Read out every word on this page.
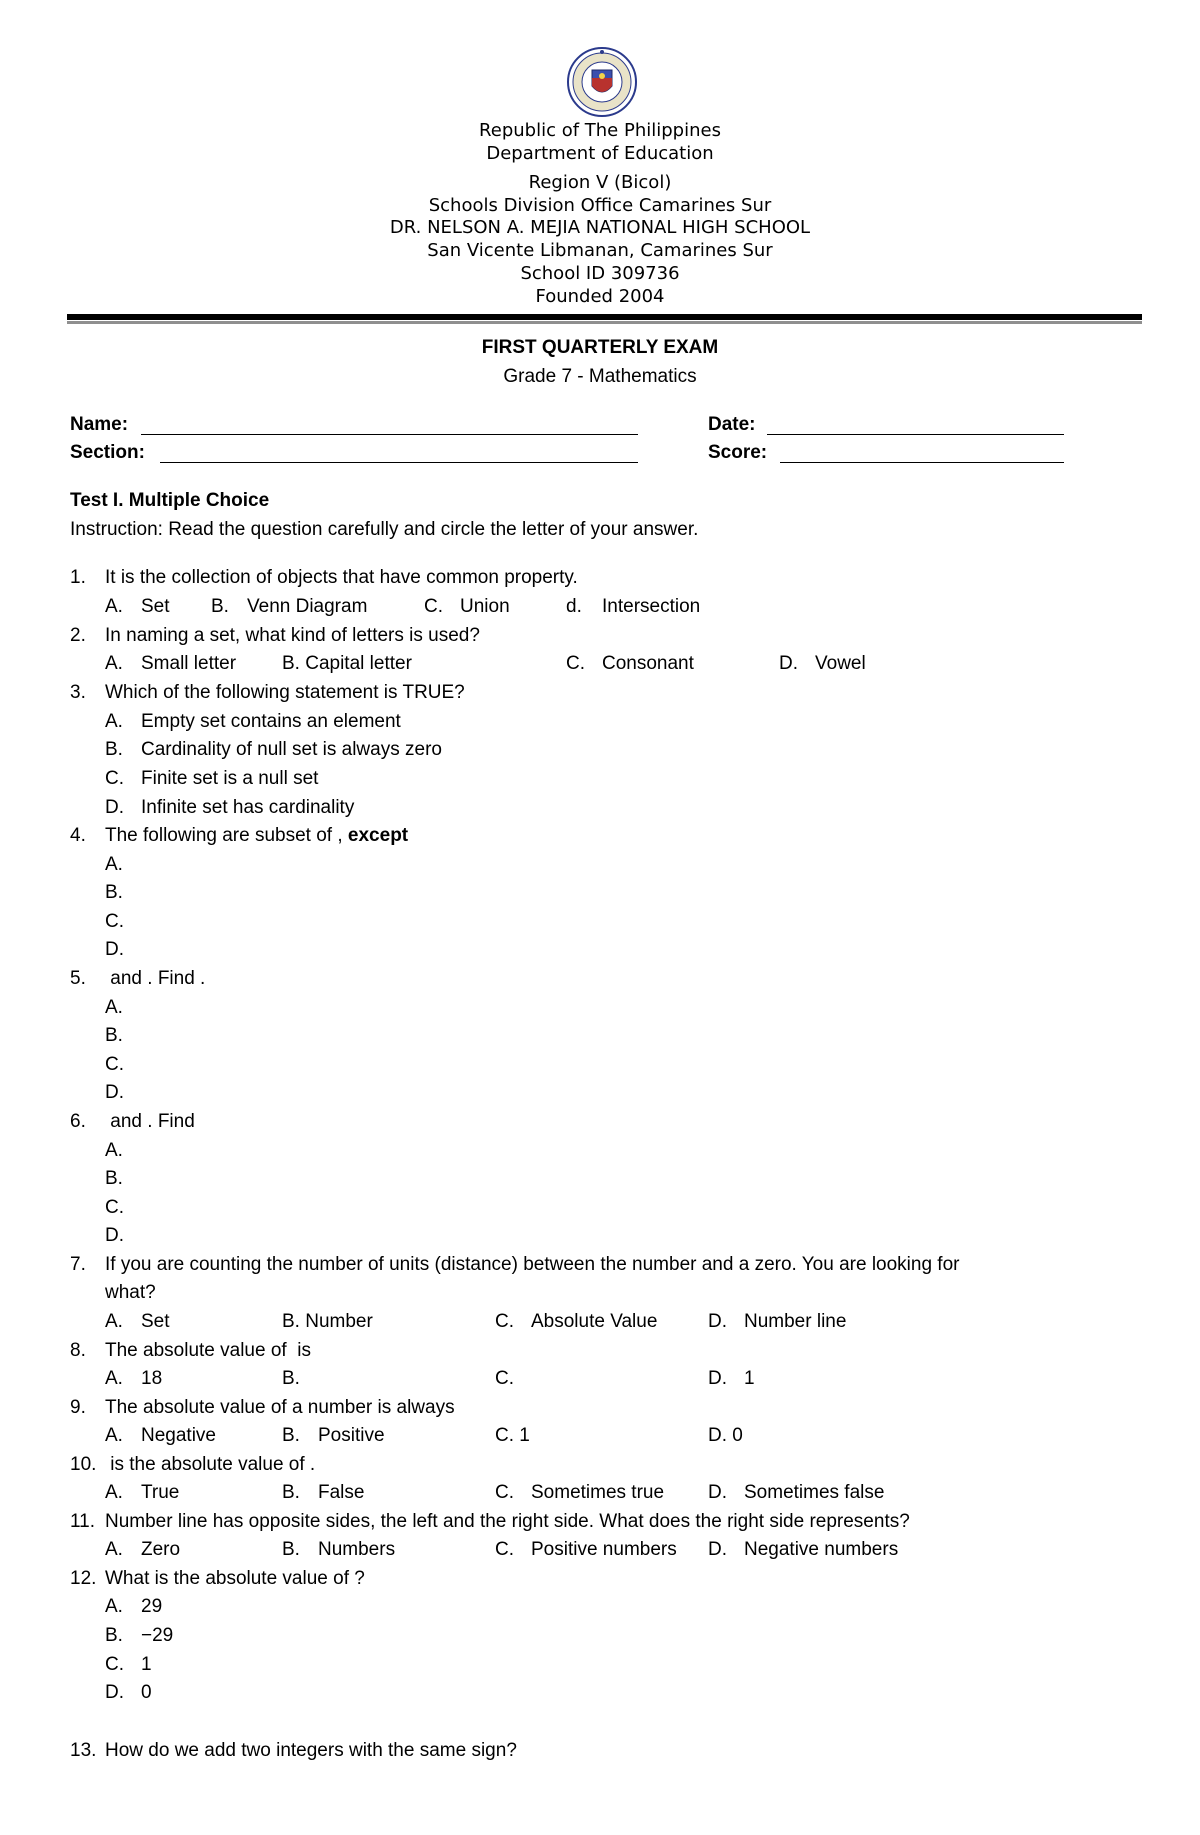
Republic of The Philippines
Department of Education
Region V (Bicol)
Schools Division Office Camarines Sur
DR. NELSON A. MEJIA NATIONAL HIGH SCHOOL
San Vicente Libmanan, Camarines Sur
School ID 309736
Founded 2004
FIRST QUARTERLY EXAM
Grade 7 - Mathematics
Name:	Date:
Section:	Score:
Test I. Multiple Choice
Instruction: Read the question carefully and circle the letter of your answer.
1. It is the collection of objects that have common property.
A. Set B. Venn Diagram	C. Union	d. Intersection
2. In naming a set, what kind of letters is used?
A. Small letter B. Capital letter	C. Consonant	D. Vowel
3. Which of the following statement is TRUE?
A. Empty set contains an element
B. Cardinality of null set is always zero
C. Finite set is a null set
D. Infinite set has cardinality
4. The following are subset of , except
A.
B.
C.
D.
5. and . Find .
A.
B.
C.
D.
6. and . Find
A.
B.
C.
D.
7. If you are counting the number of units (distance) between the number and a zero. You are looking for
what?
A. Set	B. Number	C. Absolute Value	D. Number line
8. The absolute value of  is
A. 18	B.	C.	D. 1
9. The absolute value of a number is always
A. Negative	B. Positive	C. 1	D. 0
10. is the absolute value of .
A. True	B. False	C. Sometimes true D. Sometimes false
11. Number line has opposite sides, the left and the right side. What does the right side represents?
A. Zero	B. Numbers	C. Positive numbers D. Negative numbers
12. What is the absolute value of ?
A. 29
B. −29
C. 1
D. 0
13. How do we add two integers with the same sign?
